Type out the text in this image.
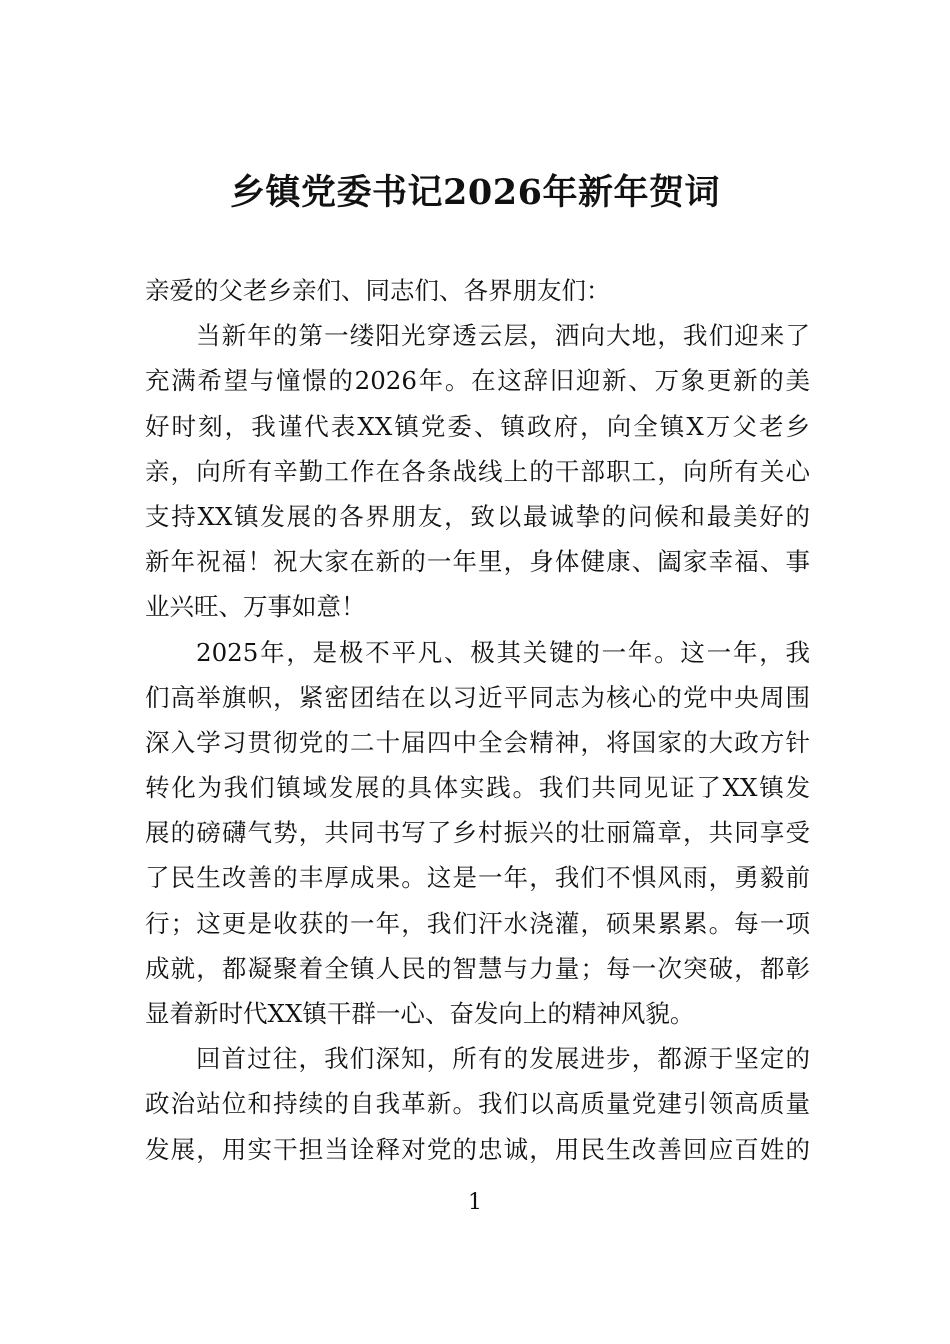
乡镇党委书记2026年新年贺词
亲爱的父老乡亲们、同志们、各界朋友们：
当新年的第一缕阳光穿透云层，洒向大地，我们迎来了
充满希望与憧憬的2026年。在这辞旧迎新、万象更新的美
好时刻，我谨代表XX镇党委、镇政府，向全镇X万父老乡
亲，向所有辛勤工作在各条战线上的干部职工，向所有关心
支持XX镇发展的各界朋友，致以最诚挚的问候和最美好的
新年祝福！祝大家在新的一年里，身体健康、阖家幸福、事
业兴旺、万事如意！
2025年，是极不平凡、极其关键的一年。这一年，我
们高举旗帜，紧密团结在以习近平同志为核心的党中央周围
深入学习贯彻党的二十届四中全会精神，将国家的大政方针
转化为我们镇域发展的具体实践。我们共同见证了XX镇发
展的磅礴气势，共同书写了乡村振兴的壮丽篇章，共同享受
了民生改善的丰厚成果。这是一年，我们不惧风雨，勇毅前
行；这更是收获的一年，我们汗水浇灌，硕果累累。每一项
成就，都凝聚着全镇人民的智慧与力量；每一次突破，都彰
显着新时代XX镇干群一心、奋发向上的精神风貌。
回首过往，我们深知，所有的发展进步，都源于坚定的
政治站位和持续的自我革新。我们以高质量党建引领高质量
发展，用实干担当诠释对党的忠诚，用民生改善回应百姓的
1
